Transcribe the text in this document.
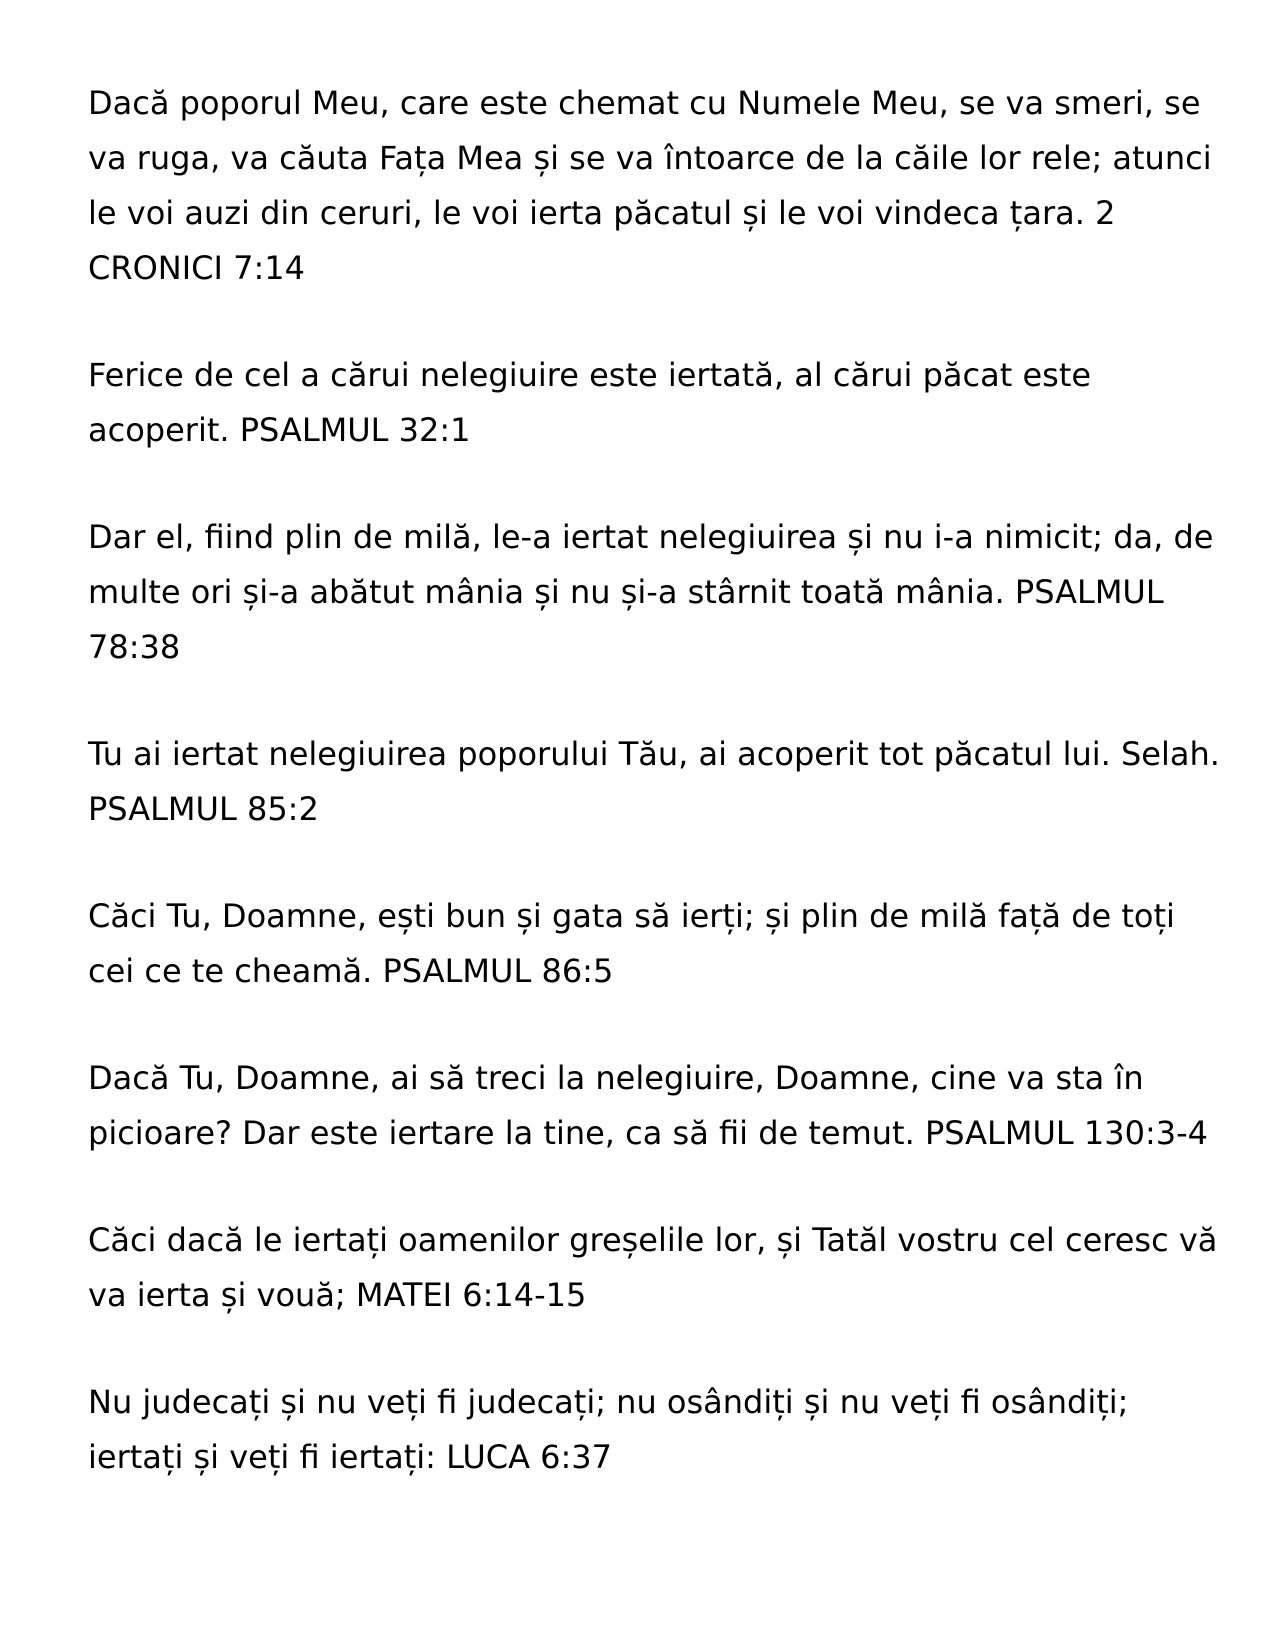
Dacă poporul Meu, care este chemat cu Numele Meu, se va smeri, se va ruga, va căuta Fața Mea și se va întoarce de la căile lor rele; atunci le voi auzi din ceruri, le voi ierta păcatul și le voi vindeca țara. 2 CRONICI 7:14

Ferice de cel a cărui nelegiuire este iertată, al cărui păcat este acoperit. PSALMUL 32:1

Dar el, fiind plin de milă, le-a iertat nelegiuirea și nu i-a nimicit; da, de multe ori și-a abătut mânia și nu și-a stârnit toată mânia. PSALMUL 78:38

Tu ai iertat nelegiuirea poporului Tău, ai acoperit tot păcatul lui. Selah. PSALMUL 85:2

Căci Tu, Doamne, ești bun și gata să ierți; și plin de milă față de toți cei ce te cheamă. PSALMUL 86:5

Dacă Tu, Doamne, ai să treci la nelegiuire, Doamne, cine va sta în picioare? Dar este iertare la tine, ca să fii de temut. PSALMUL 130:3-4

Căci dacă le iertați oamenilor greșelile lor, și Tatăl vostru cel ceresc vă va ierta și vouă; MATEI 6:14-15

Nu judecați și nu veți fi judecați; nu osândiți și nu veți fi osândiți; iertați și veți fi iertați: LUCA 6:37
